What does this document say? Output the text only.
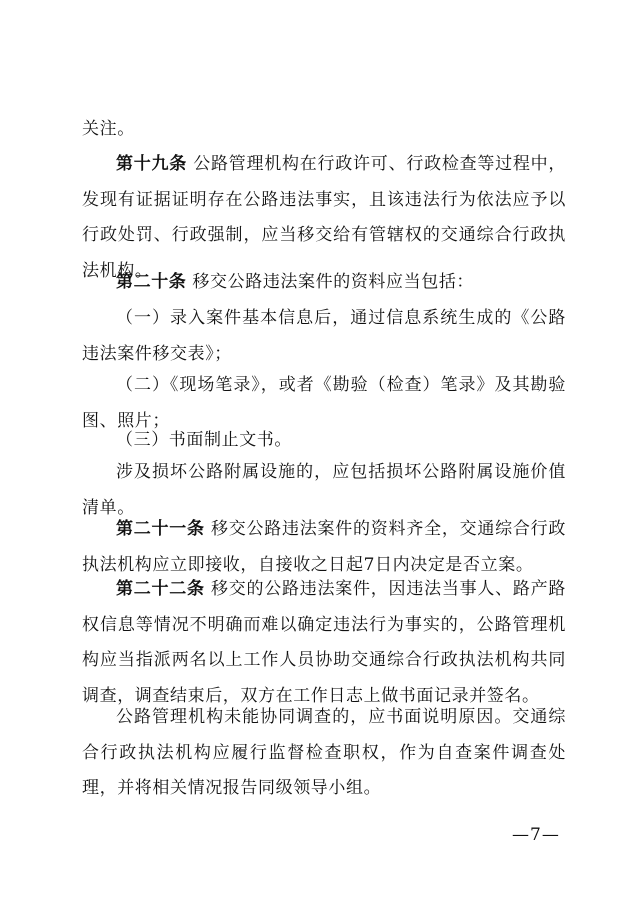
关注。

第十九条 公路管理机构在行政许可、行政检查等过程中，发现有证据证明存在公路违法事实，且该违法行为依法应予以行政处罚、行政强制，应当移交给有管辖权的交通综合行政执法机构。

第二十条 移交公路违法案件的资料应当包括：

（一）录入案件基本信息后，通过信息系统生成的《公路违法案件移交表》；

（二）《现场笔录》，或者《勘验（检查）笔录》及其勘验图、照片；

（三）书面制止文书。

涉及损坏公路附属设施的，应包括损坏公路附属设施价值清单。

第二十一条 移交公路违法案件的资料齐全，交通综合行政执法机构应立即接收，自接收之日起7日内决定是否立案。

第二十二条 移交的公路违法案件，因违法当事人、路产路权信息等情况不明确而难以确定违法行为事实的，公路管理机构应当指派两名以上工作人员协助交通综合行政执法机构共同调查，调查结束后，双方在工作日志上做书面记录并签名。

公路管理机构未能协同调查的，应书面说明原因。交通综合行政执法机构应履行监督检查职权，作为自查案件调查处理，并将相关情况报告同级领导小组。

—7—
